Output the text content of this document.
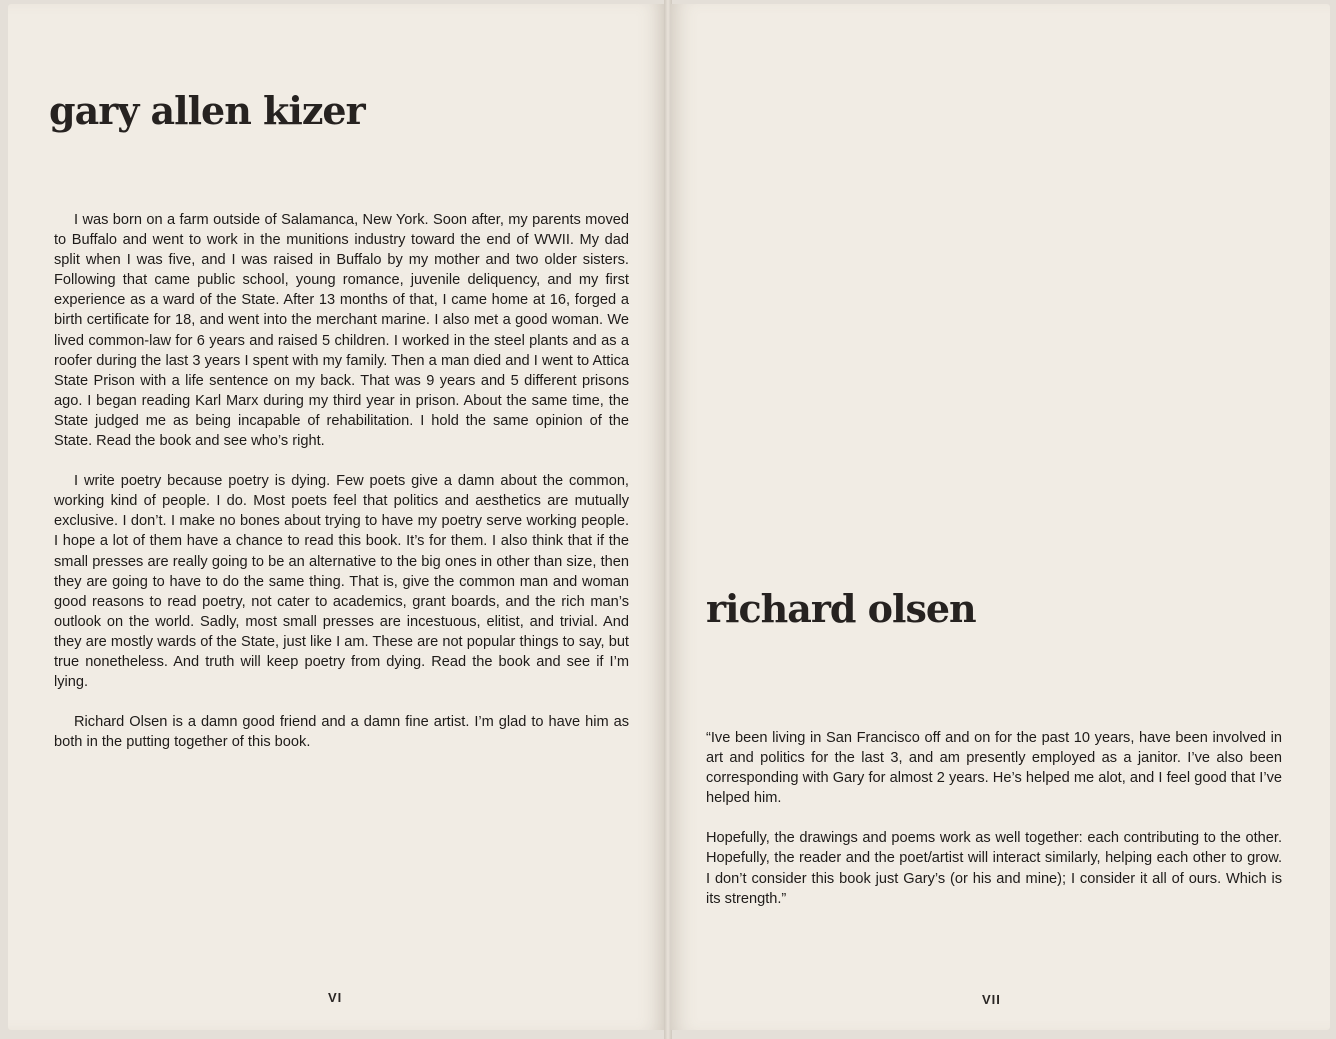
gary allen kizer

I was born on a farm outside of Salamanca, New York. Soon after, my parents moved to Buffalo and went to work in the munitions industry toward the end of WWII. My dad split when I was five, and I was raised in Buffalo by my mother and two older sisters. Following that came public school, young romance, juvenile deliquency, and my first experience as a ward of the State. After 13 months of that, I came home at 16, forged a birth certificate for 18, and went into the merchant marine. I also met a good woman. We lived common-law for 6 years and raised 5 children. I worked in the steel plants and as a roofer during the last 3 years I spent with my family. Then a man died and I went to Attica State Prison with a life sentence on my back. That was 9 years and 5 different prisons ago. I began reading Karl Marx during my third year in prison. About the same time, the State judged me as being incapable of rehabilitation. I hold the same opinion of the State. Read the book and see who’s right.

I write poetry because poetry is dying. Few poets give a damn about the common, working kind of people. I do. Most poets feel that politics and aesthetics are mutually exclusive. I don’t. I make no bones about trying to have my poetry serve working people. I hope a lot of them have a chance to read this book. It’s for them. I also think that if the small presses are really going to be an alternative to the big ones in other than size, then they are going to have to do the same thing. That is, give the common man and woman good reasons to read poetry, not cater to academics, grant boards, and the rich man’s outlook on the world. Sadly, most small presses are incestuous, elitist, and trivial. And they are mostly wards of the State, just like I am. These are not popular things to say, but true nonetheless. And truth will keep poetry from dying. Read the book and see if I’m lying.

Richard Olsen is a damn good friend and a damn fine artist. I’m glad to have him as both in the putting together of this book.

VI
richard olsen

“Ive been living in San Francisco off and on for the past 10 years, have been involved in art and politics for the last 3, and am presently employed as a janitor. I’ve also been corresponding with Gary for almost 2 years. He’s helped me alot, and I feel good that I’ve helped him.

Hopefully, the drawings and poems work as well together: each contributing to the other. Hopefully, the reader and the poet/artist will interact similarly, helping each other to grow. I don’t consider this book just Gary’s (or his and mine); I consider it all of ours. Which is its strength.”

VII
